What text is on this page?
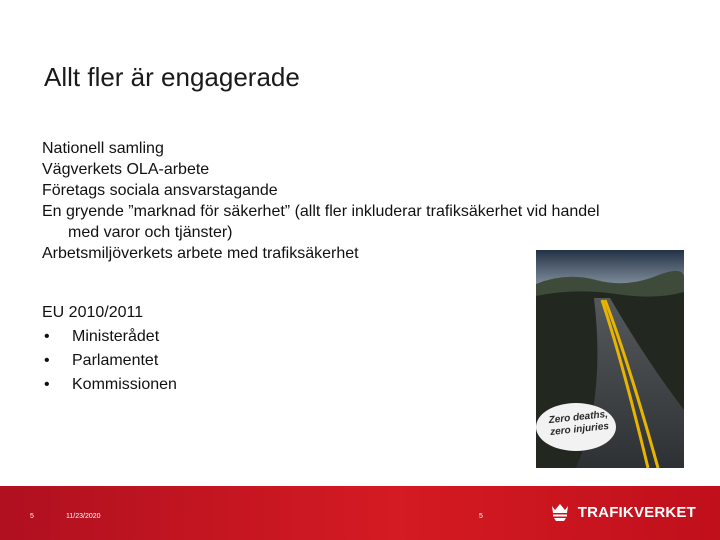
Allt fler är engagerade
Nationell samling
Vägverkets OLA-arbete
Företags sociala ansvarstagande
En gryende ”marknad för säkerhet” (allt fler inkluderar trafiksäkerhet vid handel
med varor och tjänster)
Arbetsmiljöverkets arbete med trafiksäkerhet
EU 2010/2011
•	Ministerådet
•	Parlamentet
•	Kommissionen
Zero deaths,
zero injuries
5	11/23/2020	5	TRAFIKVERKET
